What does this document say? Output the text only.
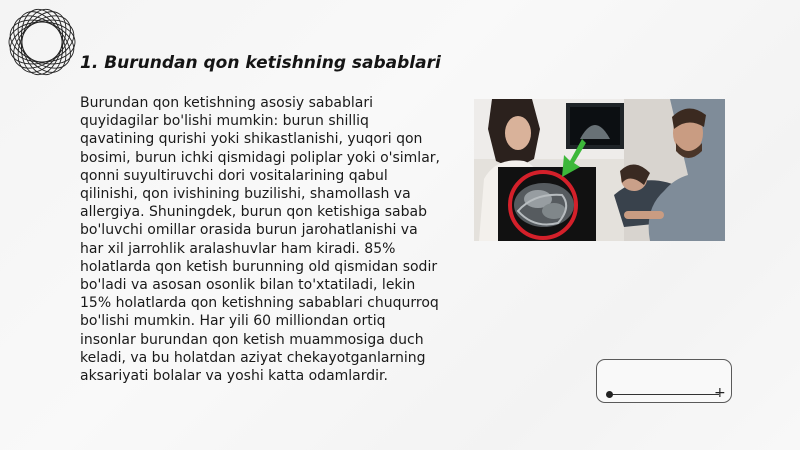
1. Burundan qon ketishning sabablari

Burundan qon ketishning asosiy sabablari quyidagilar bo'lishi mumkin: burun shilliq qavatining qurishi yoki shikastlanishi, yuqori qon bosimi, burun ichki qismidagi poliplar yoki o'simlar, qonni suyultiruvchi dori vositalarining qabul qilinishi, qon ivishining buzilishi, shamollash va allergiya. Shuningdek, burun qon ketishiga sabab bo'luvchi omillar orasida burun jarohatlanishi va har xil jarrohlik aralashuvlar ham kiradi. 85% holatlarda qon ketish burunning old qismidan sodir bo'ladi va asosan osonlik bilan to'xtatiladi, lekin 15% holatlarda qon ketishning sabablari chuqurroq bo'lishi mumkin. Har yili 60 milliondan ortiq insonlar burundan qon ketish muammosiga duch keladi, va bu holatdan aziyat chekayotganlarning aksariyati bolalar va yoshi katta odamlardir.

+
